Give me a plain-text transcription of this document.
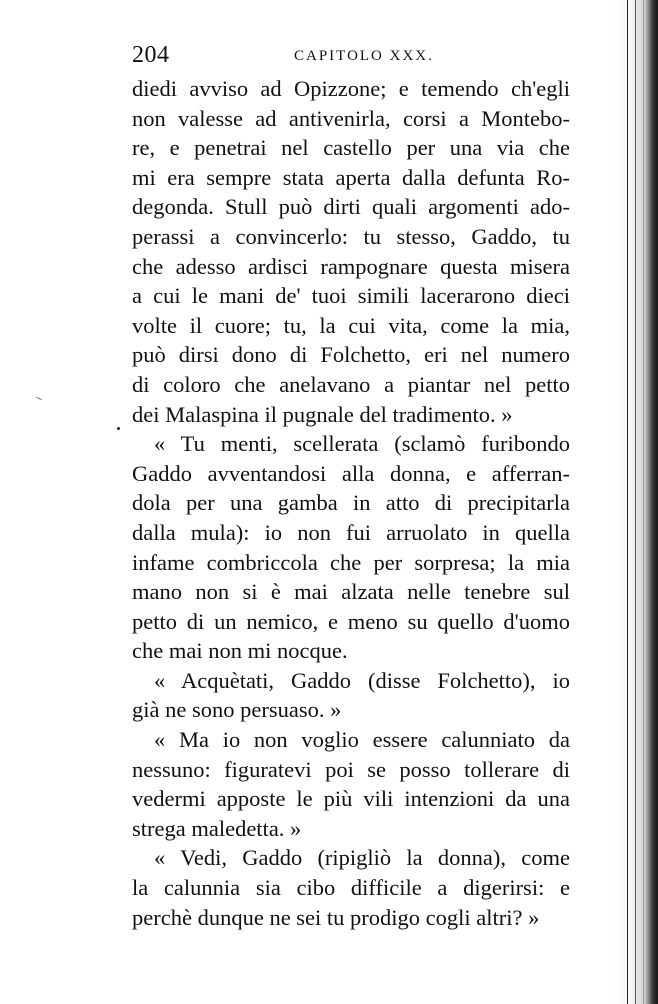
204	CAPITOLO XXX.
diedi avviso ad Opizzone; e temendo ch'egli
non valesse ad antivenirla, corsi a Montebo-
re, e penetrai nel castello per una via che
mi era sempre stata aperta dalla defunta Ro-
degonda. Stull può dirti quali argomenti ado-
perassi a convincerlo: tu stesso, Gaddo, tu
che adesso ardisci rampognare questa misera
a cui le mani de' tuoi simili lacerarono dieci
volte il cuore; tu, la cui vita, come la mia,
può dirsi dono di Folchetto, eri nel numero
di coloro che anelavano a piantar nel petto
dei Malaspina il pugnale del tradimento. »
« Tu menti, scellerata (sclamò furibondo
Gaddo avventandosi alla donna, e afferran-
dola per una gamba in atto di precipitarla
dalla mula): io non fui arruolato in quella
infame combriccola che per sorpresa; la mia
mano non si è mai alzata nelle tenebre sul
petto di un nemico, e meno su quello d'uomo
che mai non mi nocque.
« Acquètati, Gaddo (disse Folchetto), io
già ne sono persuaso. »
« Ma io non voglio essere calunniato da
nessuno: figuratevi poi se posso tollerare di
vedermi apposte le più vili intenzioni da una
strega maledetta. »
« Vedi, Gaddo (ripigliò la donna), come
la calunnia sia cibo difficile a digerirsi: e
perchè dunque ne sei tu prodigo cogli altri? »
